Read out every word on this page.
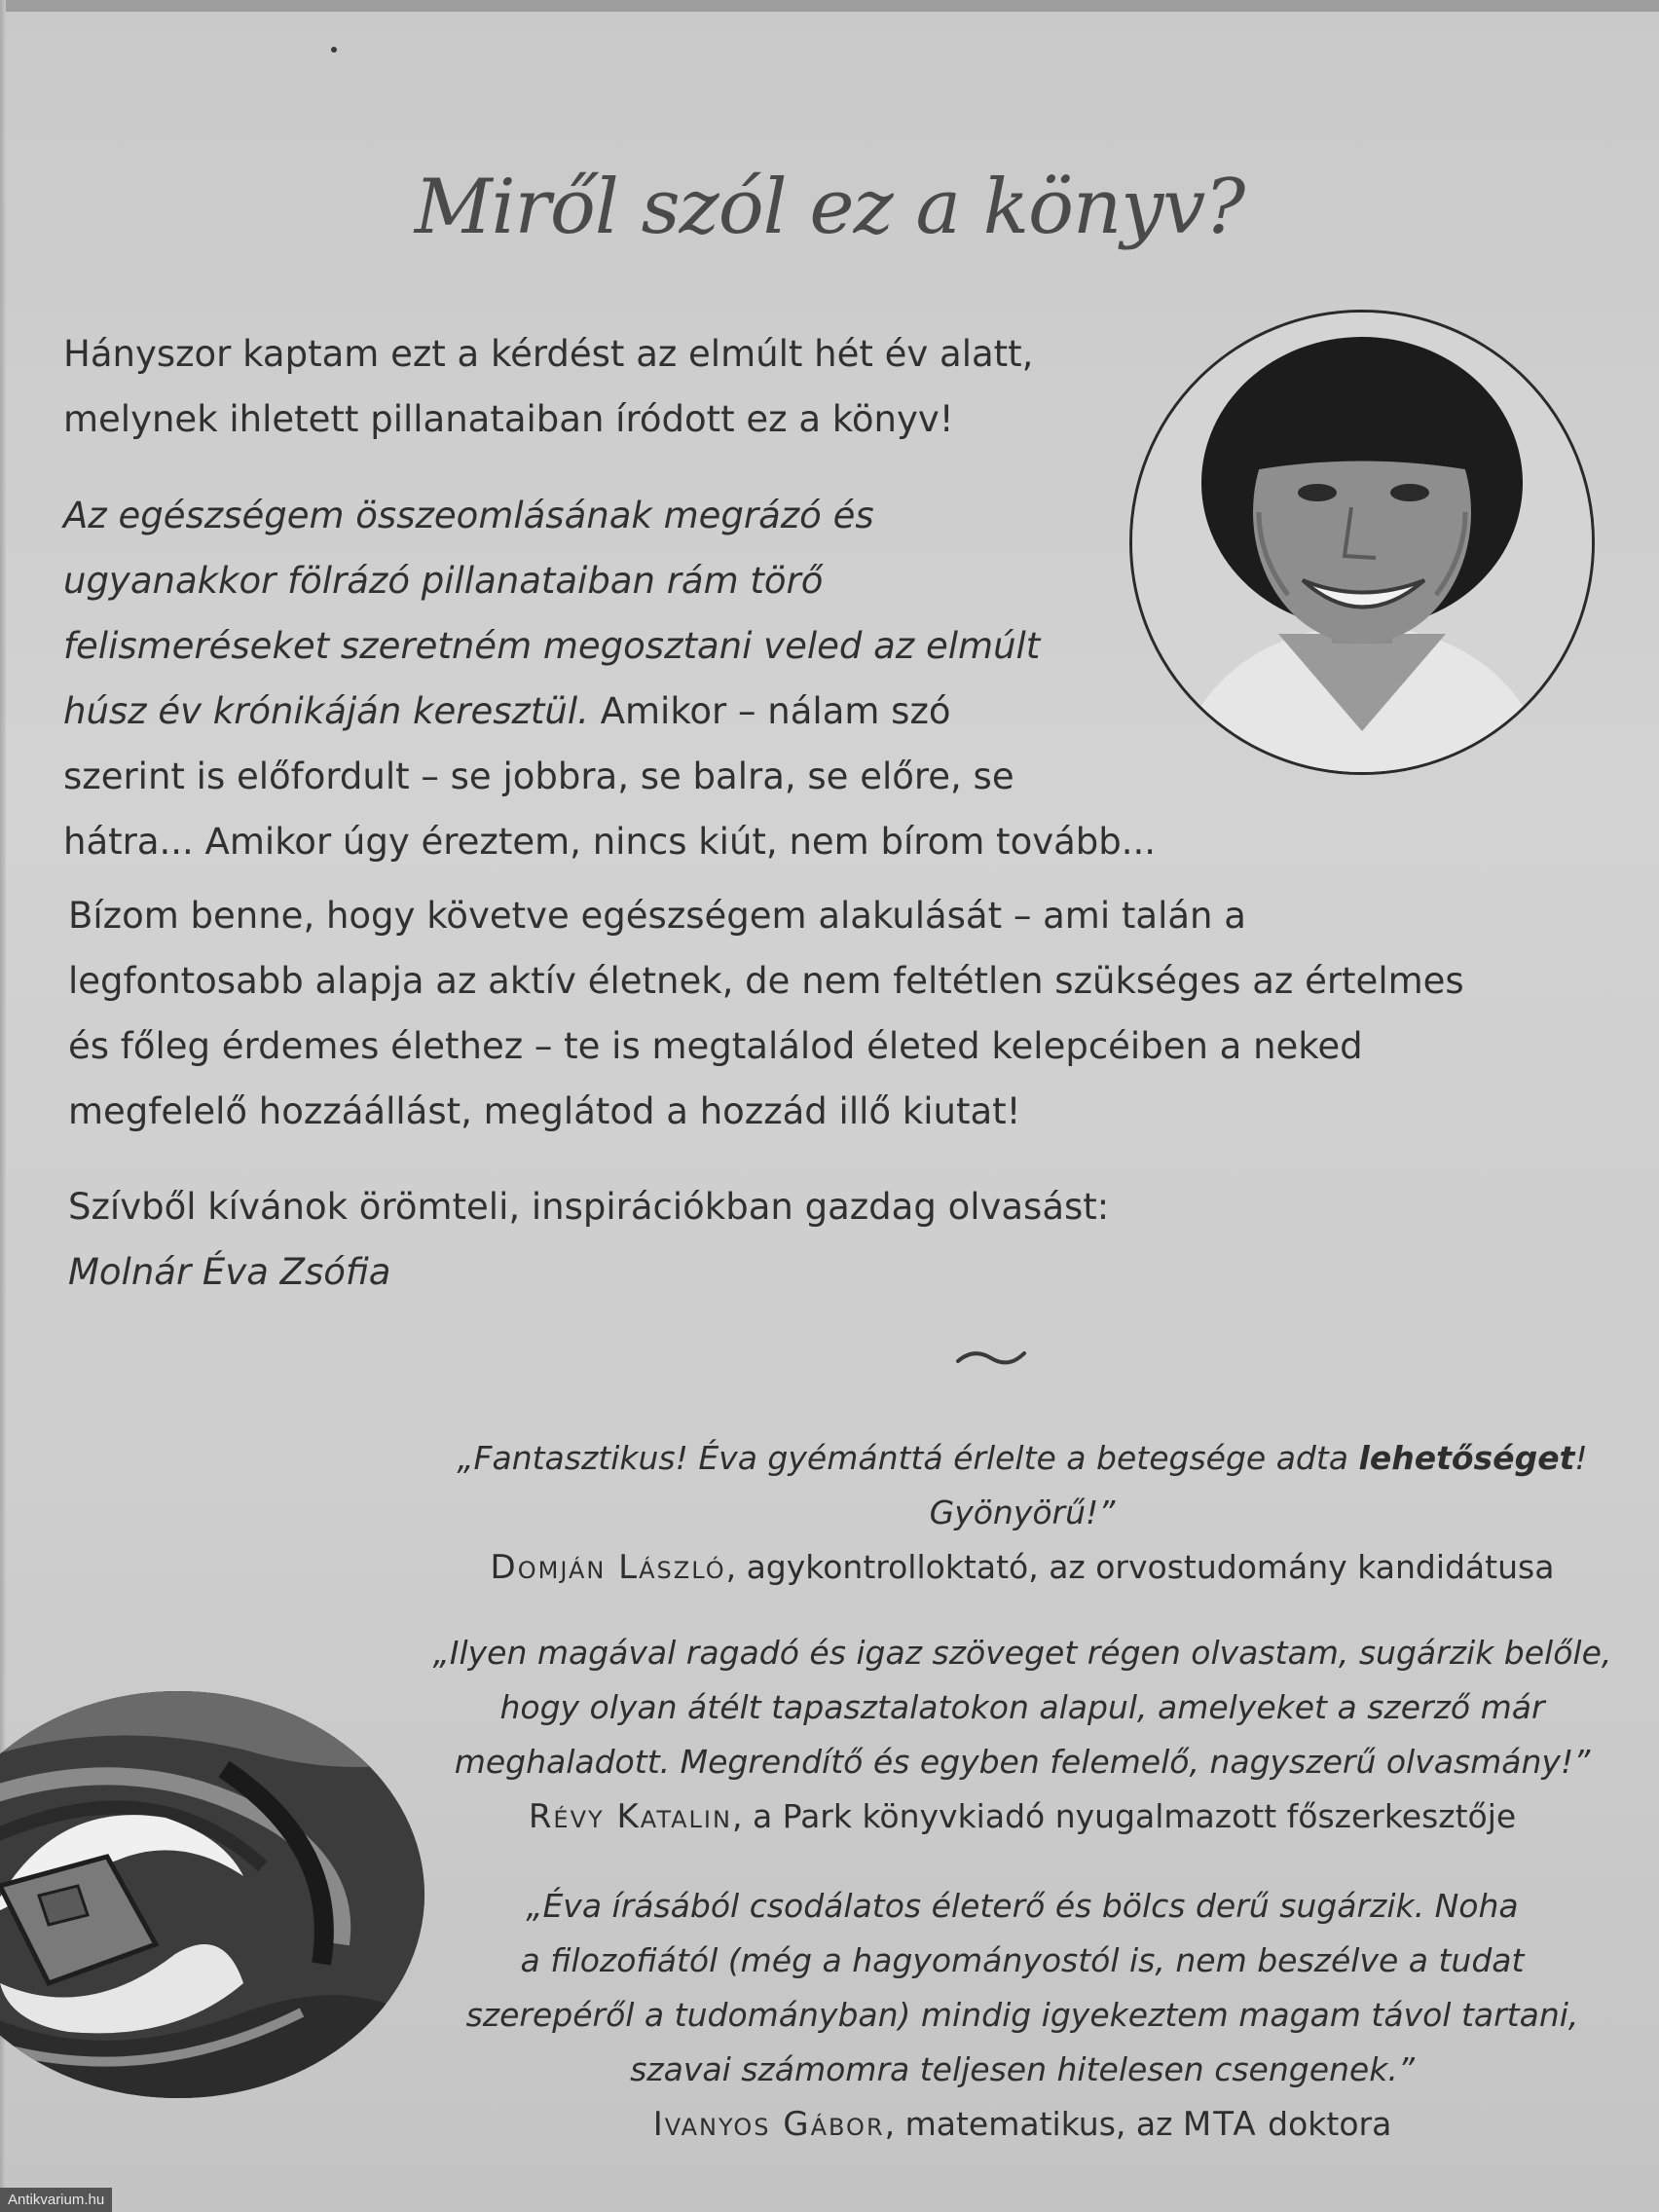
Miről szól ez a könyv?
Hányszor kaptam ezt a kérdést az elmúlt hét év alatt,
melynek ihletett pillanataiban íródott ez a könyv!
Az egészségem összeomlásának megrázó és
ugyanakkor fölrázó pillanataiban rám törő
felismeréseket szeretném megosztani veled az elmúlt
húsz év krónikáján keresztül. Amikor – nálam szó
szerint is előfordult – se jobbra, se balra, se előre, se
hátra... Amikor úgy éreztem, nincs kiút, nem bírom tovább...
Bízom benne, hogy követve egészségem alakulását – ami talán a
legfontosabb alapja az aktív életnek, de nem feltétlen szükséges az értelmes
és főleg érdemes élethez – te is megtalálod életed kelepcéiben a neked
megfelelő hozzáállást, meglátod a hozzád illő kiutat!
Szívből kívánok örömteli, inspirációkban gazdag olvasást:
Molnár Éva Zsófia
„Fantasztikus! Éva gyémánttá érlelte a betegsége adta lehetőséget!
Gyönyörű!”
Domján László, agykontrolloktató, az orvostudomány kandidátusa
„Ilyen magával ragadó és igaz szöveget régen olvastam, sugárzik belőle,
hogy olyan átélt tapasztalatokon alapul, amelyeket a szerző már
meghaladott. Megrendítő és egyben felemelő, nagyszerű olvasmány!”
Révy Katalin, a Park könyvkiadó nyugalmazott főszerkesztője
„Éva írásából csodálatos életerő és bölcs derű sugárzik. Noha
a filozofiától (még a hagyományostól is, nem beszélve a tudat
szerepéről a tudományban) mindig igyekeztem magam távol tartani,
szavai számomra teljesen hitelesen csengenek.”
Ivanyos Gábor, matematikus, az MTA doktora
Antikvarium.hu
